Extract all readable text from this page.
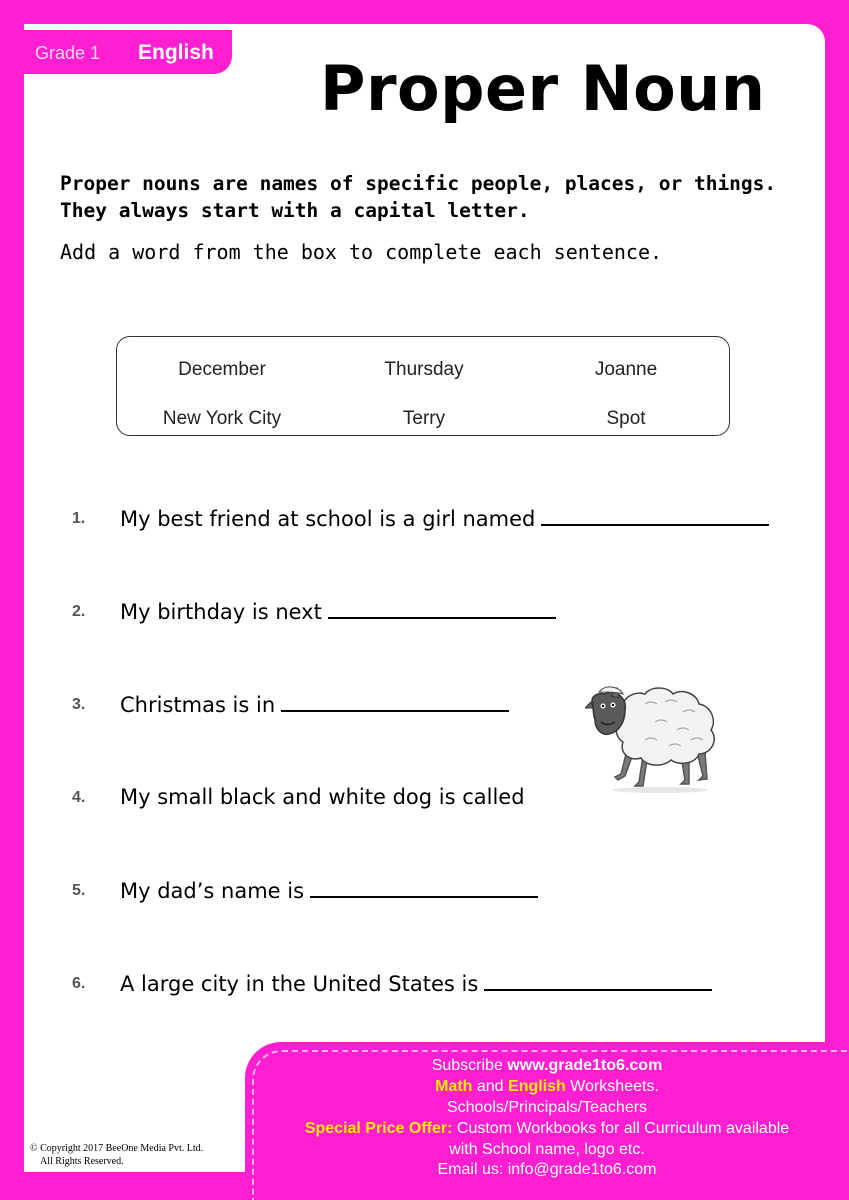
Grade 1 English Proper Noun
Proper nouns are names of specific people, places, or things.
They always start with a capital letter.
Add a word from the box to complete each sentence.
December	Thursday	Joanne
New York City	Terry	Spot
1. My best friend at school is a girl named
2. My birthday is next
3. Christmas is in
4. My small black and white dog is called
5. My dad’s name is
6. A large city in the United States is
Subscribe www.grade1to6.com
Math and English Worksheets.
Schools/Principals/Teachers
Special Price Offer: Custom Workbooks for all Curriculum available
with School name, logo etc.
Email us: info@grade1to6.com
© Copyright 2017 BeeOne Media Pvt. Ltd.
All Rights Reserved.
